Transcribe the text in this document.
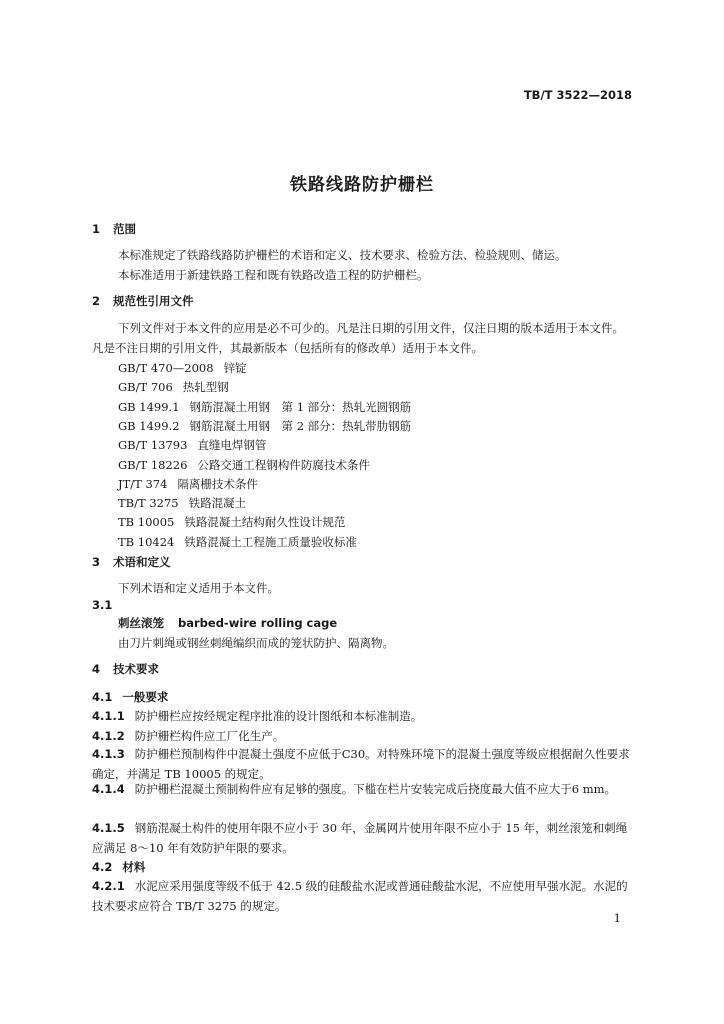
TB/T 3522—2018
铁路线路防护栅栏
1 范围
本标准规定了铁路线路防护栅栏的术语和定义、技术要求、检验方法、检验规则、储运。
本标准适用于新建铁路工程和既有铁路改造工程的防护栅栏。
2 规范性引用文件
下列文件对于本文件的应用是必不可少的。凡是注日期的引用文件，仅注日期的版本适用于本文件。凡是不注日期的引用文件，其最新版本（包括所有的修改单）适用于本文件。
GB/T 470—2008 锌锭
GB/T 706 热轧型钢
GB 1499.1 钢筋混凝土用钢　第 1 部分：热轧光圆钢筋
GB 1499.2 钢筋混凝土用钢　第 2 部分：热轧带肋钢筋
GB/T 13793 直缝电焊钢管
GB/T 18226 公路交通工程钢构件防腐技术条件
JT/T 374 隔离栅技术条件
TB/T 3275 铁路混凝土
TB 10005 铁路混凝土结构耐久性设计规范
TB 10424 铁路混凝土工程施工质量验收标准
3 术语和定义
下列术语和定义适用于本文件。
3.1
刺丝滚笼 barbed-wire rolling cage
由刀片刺绳或钢丝刺绳编织而成的笼状防护、隔离物。
4 技术要求
4.1 一般要求
4.1.1 防护栅栏应按经规定程序批准的设计图纸和本标准制造。
4.1.2 防护栅栏构件应工厂化生产。
4.1.3 防护栅栏预制构件中混凝土强度不应低于C30。对特殊环境下的混凝土强度等级应根据耐久性要求确定，并满足 TB 10005 的规定。
4.1.4 防护栅栏混凝土预制构件应有足够的强度。下槛在栏片安装完成后挠度最大值不应大于6 mm。
4.1.5 钢筋混凝土构件的使用年限不应小于 30 年，金属网片使用年限不应小于 15 年，刺丝滚笼和刺绳应满足 8～10 年有效防护年限的要求。
4.2 材料
4.2.1 水泥应采用强度等级不低于 42.5 级的硅酸盐水泥或普通硅酸盐水泥，不应使用早强水泥。水泥的技术要求应符合 TB/T 3275 的规定。
1
